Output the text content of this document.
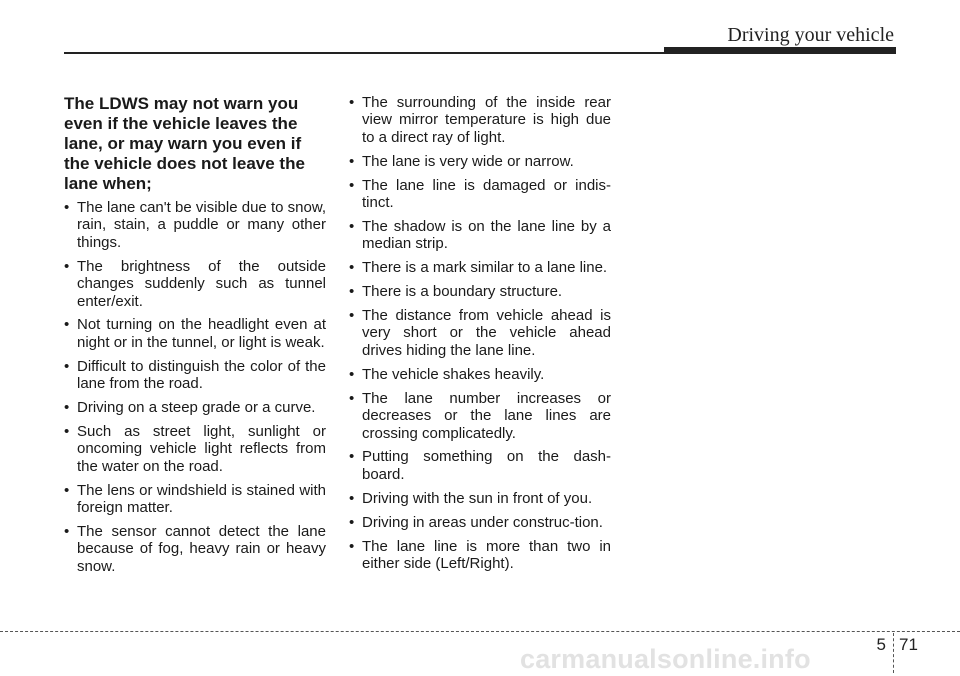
Driving your vehicle
The LDWS may not warn you even if the vehicle leaves the lane, or may warn you even if the vehicle does not leave the lane when;
• The lane can't be visible due to snow, rain, stain, a puddle or many other things.
• The brightness of the outside changes suddenly such as tunnel enter/exit.
• Not turning on the headlight even at night or in the tunnel, or light is weak.
• Difficult to distinguish the color of the lane from the road.
• Driving on a steep grade or a curve.
• Such as street light, sunlight or oncoming vehicle light reflects from the water on the road.
• The lens or windshield is stained with foreign matter.
• The sensor cannot detect the lane because of fog, heavy rain or heavy snow.
• The surrounding of the inside rear view mirror temperature is high due to a direct ray of light.
• The lane is very wide or narrow.
• The lane line is damaged or indis-tinct.
• The shadow is on the lane line by a median strip.
• There is a mark similar to a lane line.
• There is a boundary structure.
• The distance from vehicle ahead is very short or the vehicle ahead drives hiding the lane line.
• The vehicle shakes heavily.
• The lane number increases or decreases or the lane lines are crossing complicatedly.
• Putting something on the dash-board.
• Driving with the sun in front of you.
• Driving in areas under construc-tion.
• The lane line is more than two in either side (Left/Right).
5 71
carmanualsonline.info
